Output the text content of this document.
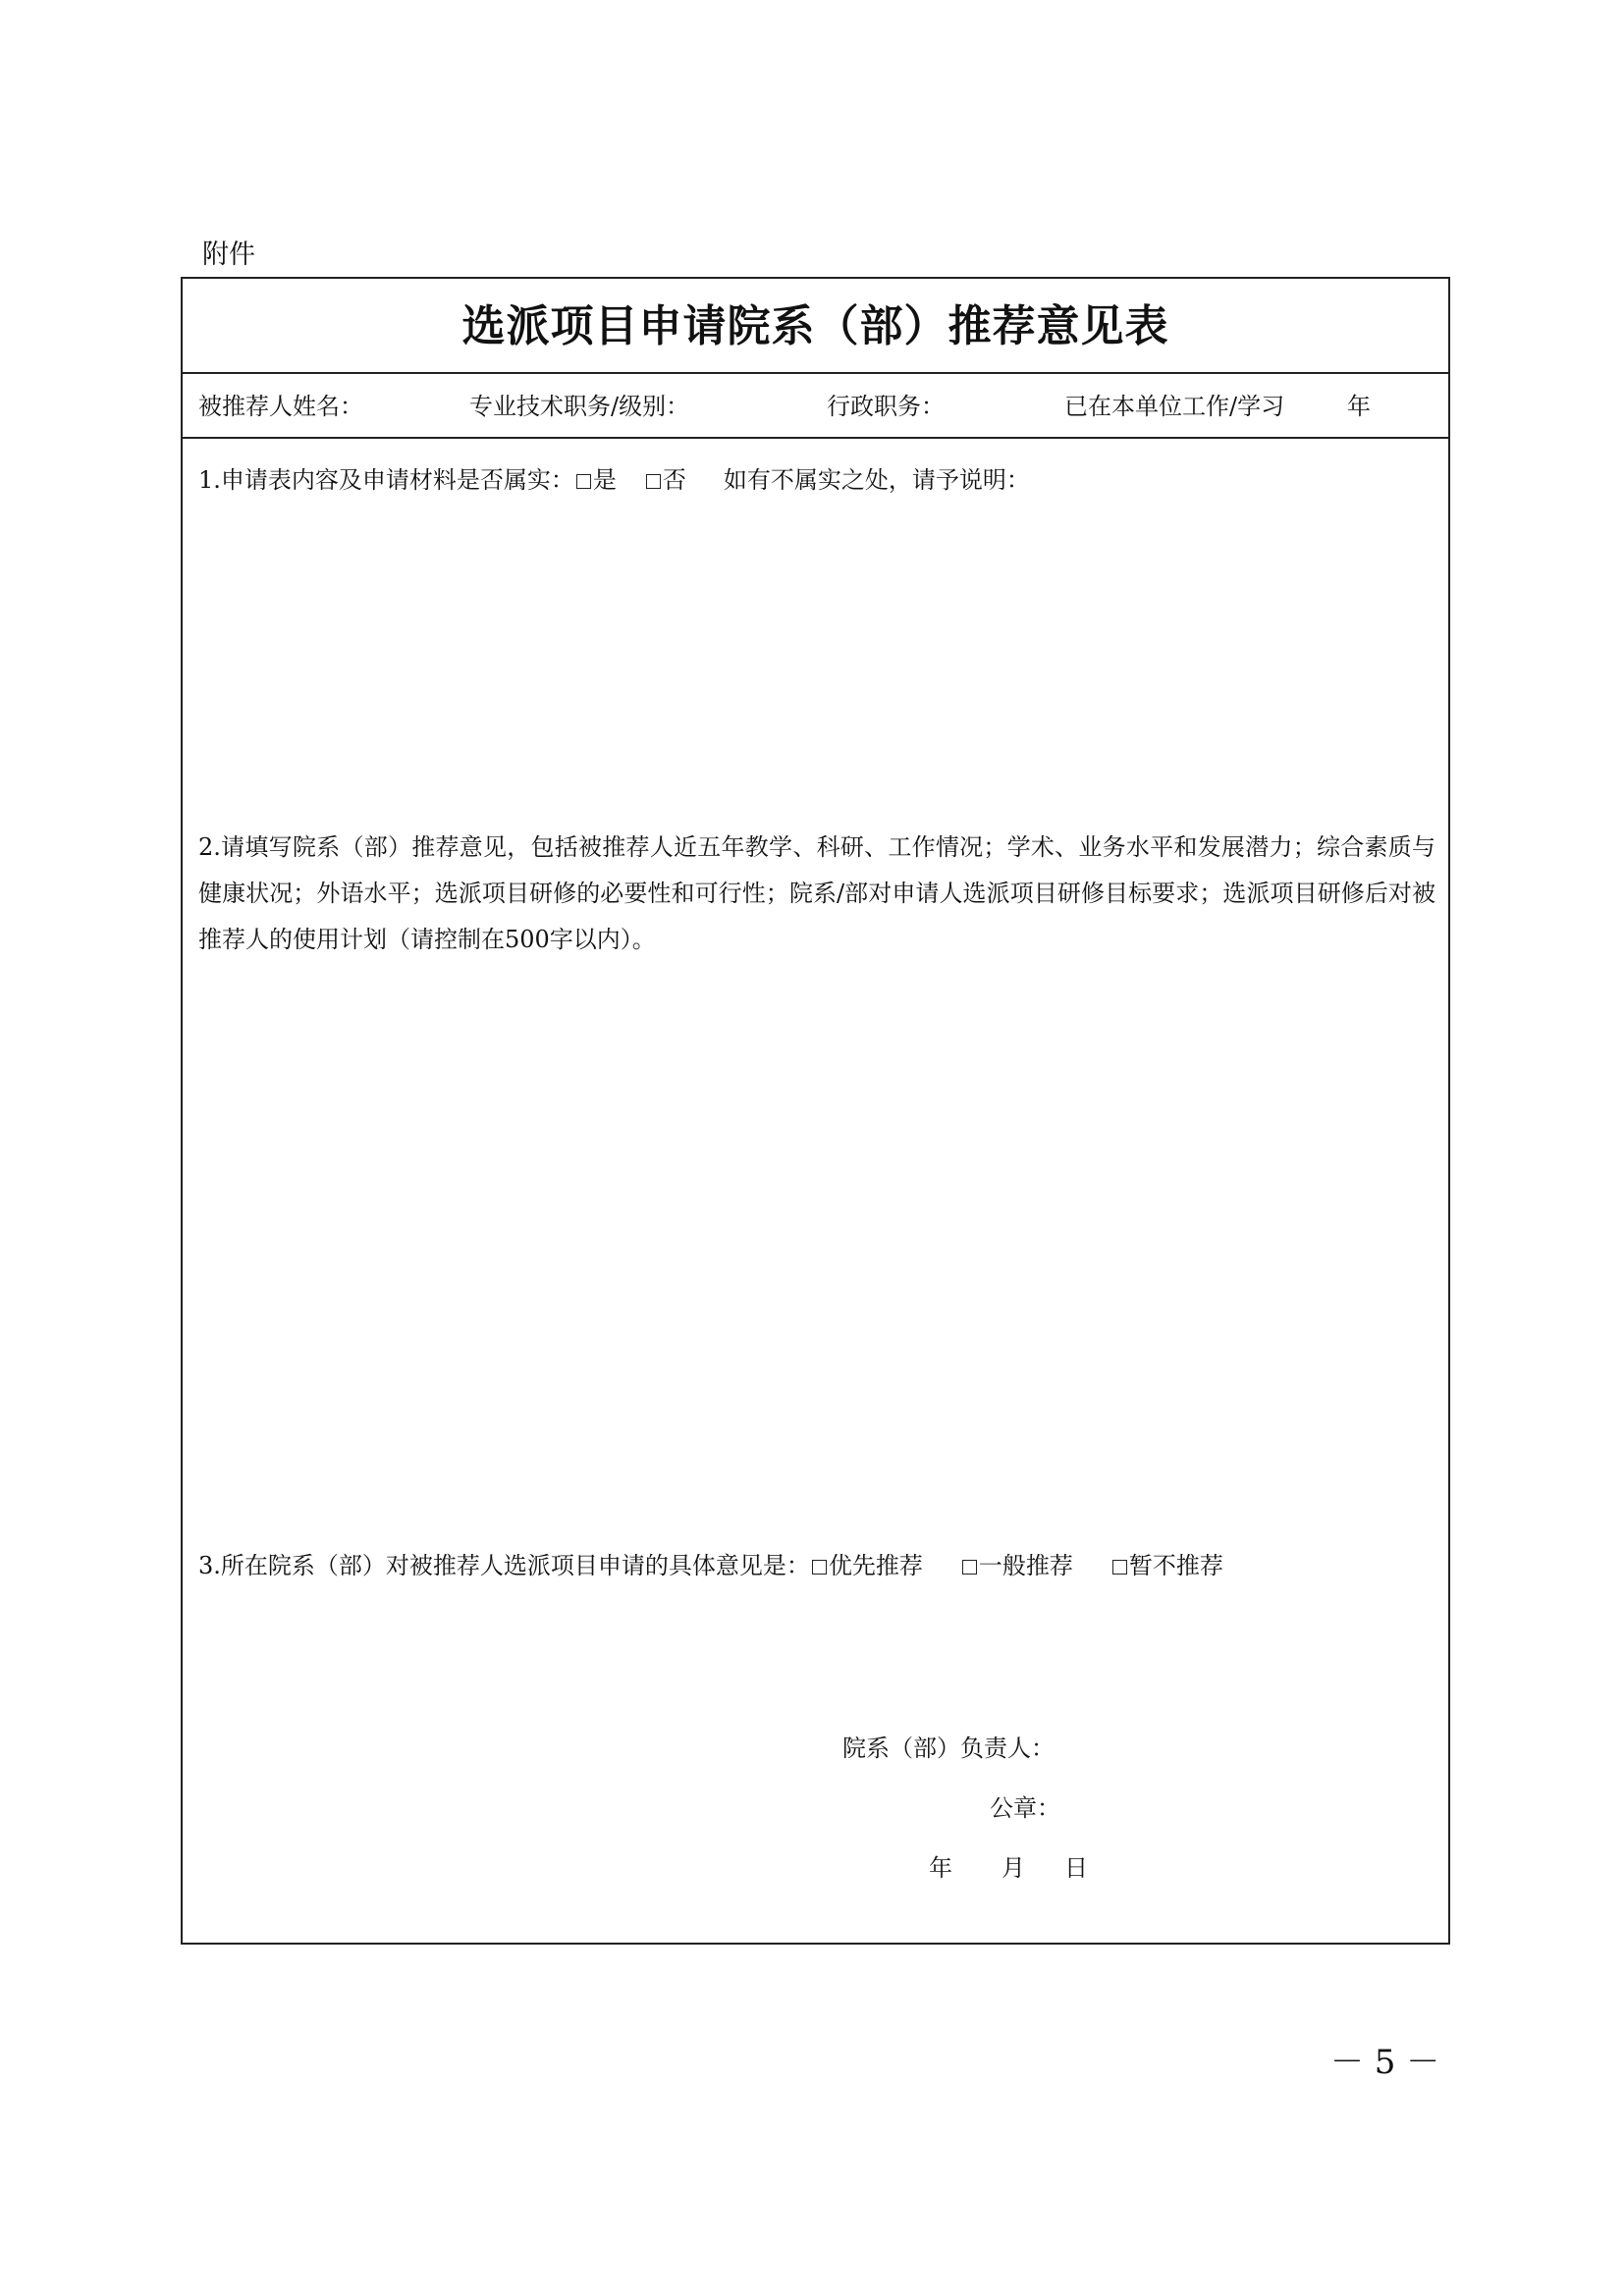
附件
选派项目申请院系（部）推荐意见表
被推荐人姓名：	专业技术职务/级别：	行政职务：	已在本单位工作/学习	年
1.申请表内容及申请材料是否属实： 是 否 如有不属实之处，请予说明：
2.请填写院系（部）推荐意见，包括被推荐人近五年教学、科研、工作情况；学术、业务水平和发展潜力；综合素质与健康状况；外语水平；选派项目研修的必要性和可行性；院系/部对申请人选派项目研修目标要求；选派项目研修后对被推荐人的使用计划（请控制在500字以内）。
3.所在院系（部）对被推荐人选派项目申请的具体意见是： 优先推荐 一般推荐 暂不推荐
院系（部）负责人：
公章：
年 月 日
－ 5 －
